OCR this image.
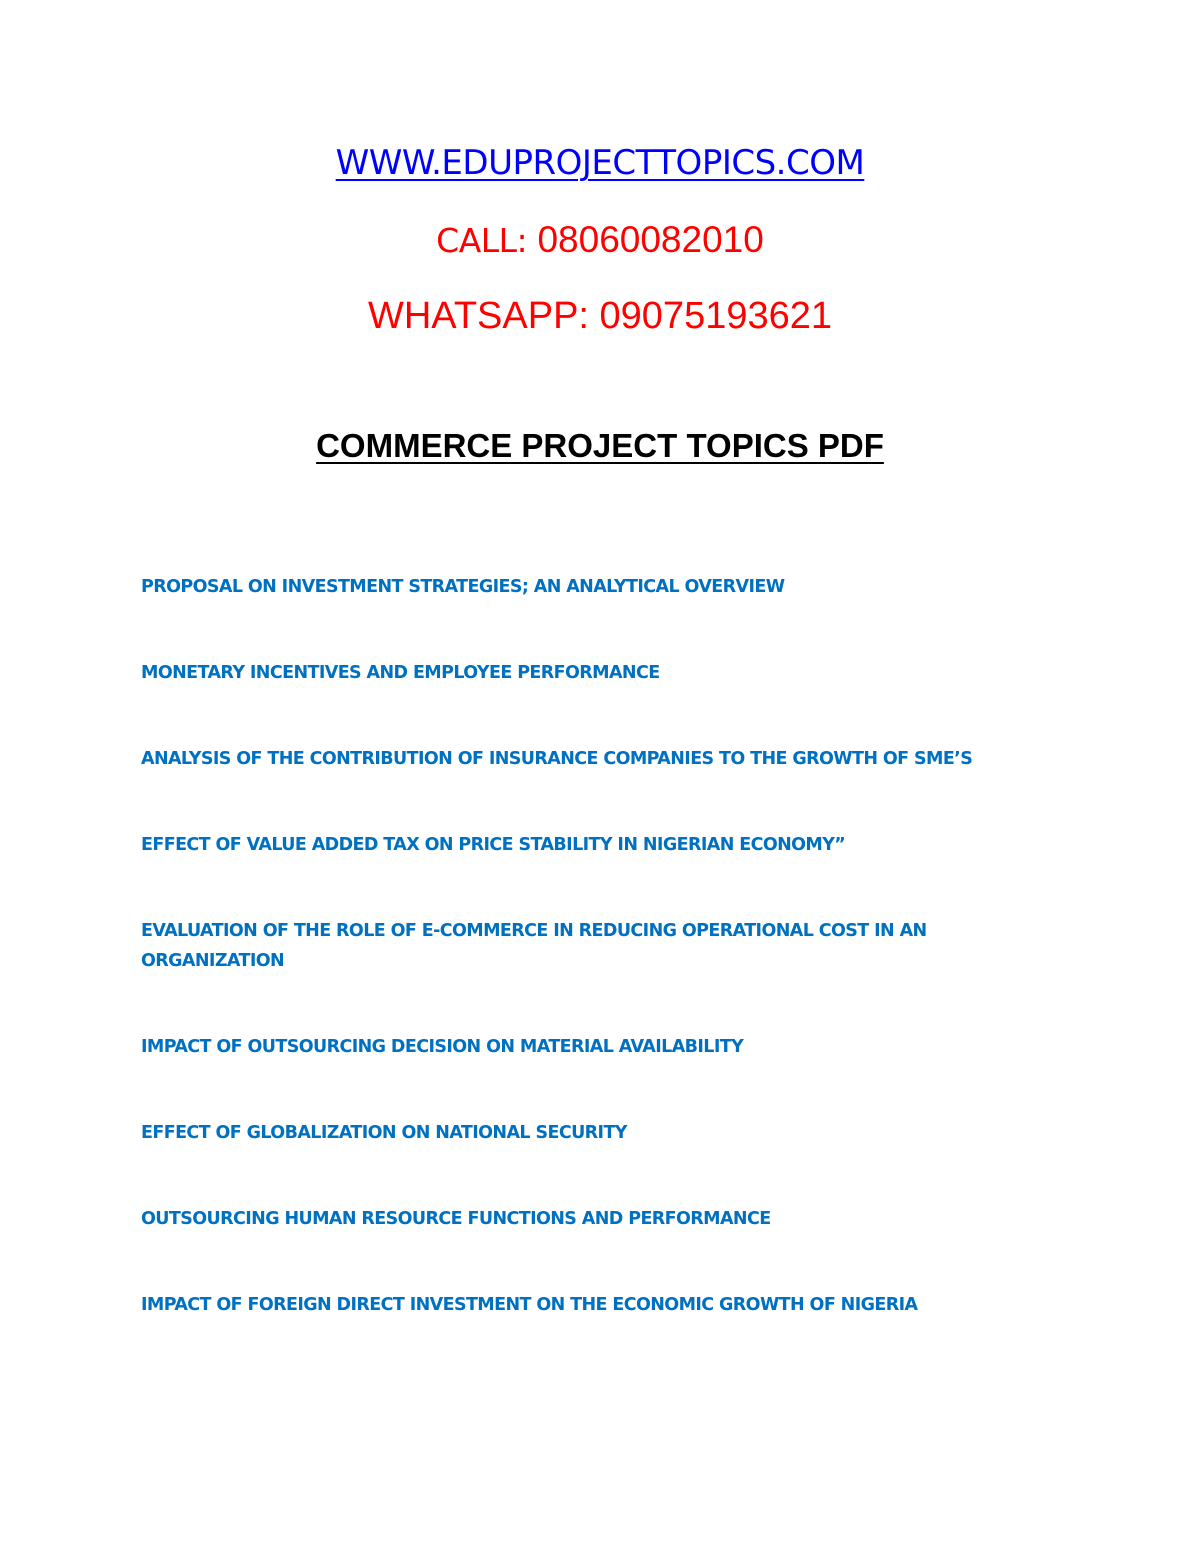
WWW.EDUPROJECTTOPICS.COM
CALL: 08060082010
WHATSAPP: 09075193621
COMMERCE PROJECT TOPICS PDF
PROPOSAL ON INVESTMENT STRATEGIES; AN ANALYTICAL OVERVIEW
MONETARY INCENTIVES AND EMPLOYEE PERFORMANCE
ANALYSIS OF THE CONTRIBUTION OF INSURANCE COMPANIES TO THE GROWTH OF SME’S
EFFECT OF VALUE ADDED TAX ON PRICE STABILITY IN NIGERIAN ECONOMY”
EVALUATION OF THE ROLE OF E-COMMERCE IN REDUCING OPERATIONAL COST IN AN ORGANIZATION
IMPACT OF OUTSOURCING DECISION ON MATERIAL AVAILABILITY
EFFECT OF GLOBALIZATION ON NATIONAL SECURITY
OUTSOURCING HUMAN RESOURCE FUNCTIONS AND PERFORMANCE
IMPACT OF FOREIGN DIRECT INVESTMENT ON THE ECONOMIC GROWTH OF NIGERIA
